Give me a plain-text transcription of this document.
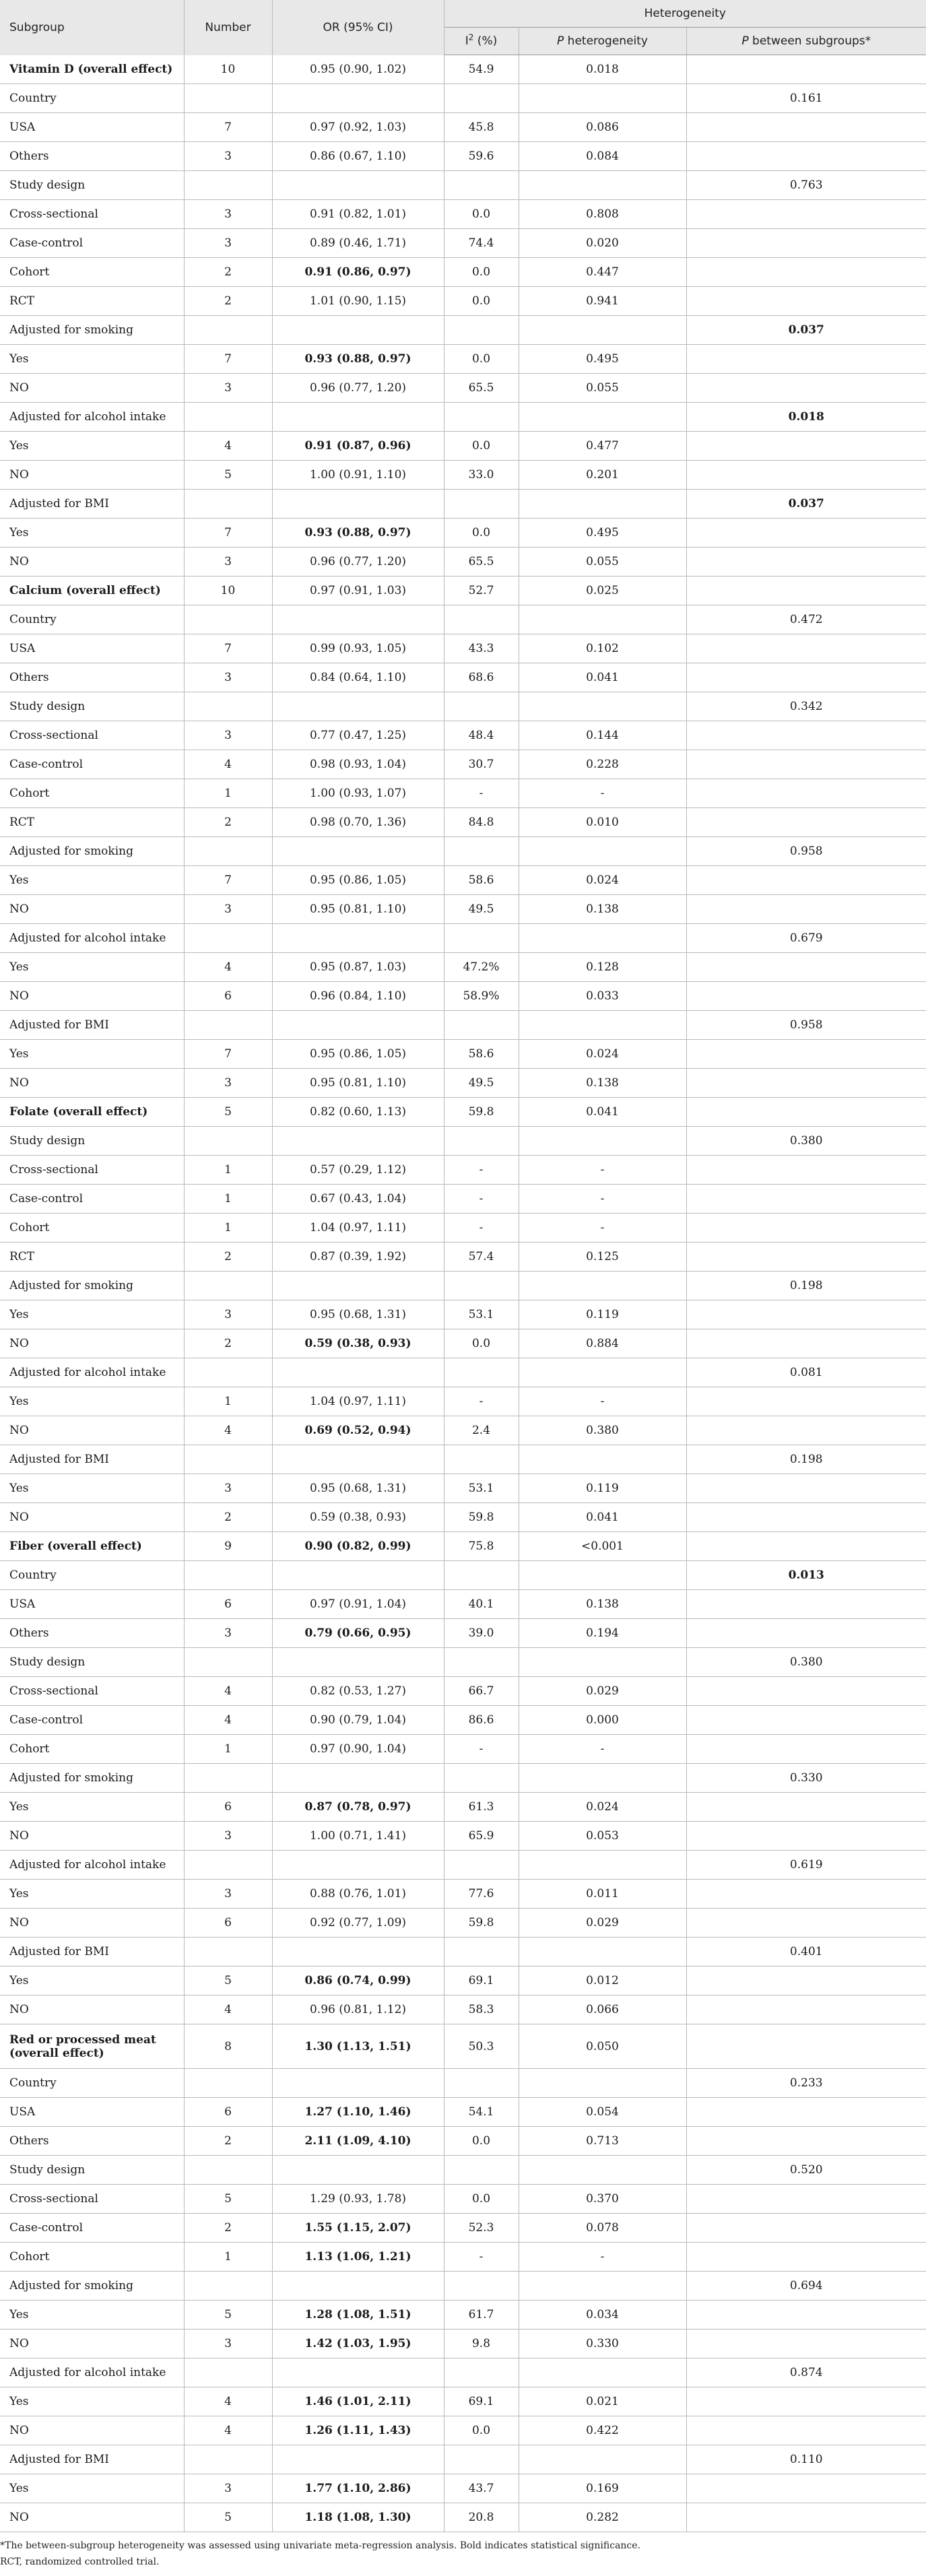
Subgroup	Number	OR (95% CI)	Heterogeneity		
			$I^2$ (%)	P heterogeneity	P between subgroups*
Vitamin D (overall effect)	10	0.95 (0.90, 1.02)	54.9	0.018	
Country					0.161
USA	7	0.97 (0.92, 1.03)	45.8	0.086	
Others	3	0.86 (0.67, 1.10)	59.6	0.084	
Study design					0.763
Cross-sectional	3	0.91 (0.82, 1.01)	0.0	0.808	
Case-control	3	0.89 (0.46, 1.71)	74.4	0.020	
Cohort	2	0.91 (0.86, 0.97)	0.0	0.447	
RCT	2	1.01 (0.90, 1.15)	0.0	0.941	
Adjusted for smoking					0.037
Yes	7	0.93 (0.88, 0.97)	0.0	0.495	
NO	3	0.96 (0.77, 1.20)	65.5	0.055	
Adjusted for alcohol intake					0.018
Yes	4	0.91 (0.87, 0.96)	0.0	0.477	
NO	5	1.00 (0.91, 1.10)	33.0	0.201	
Adjusted for BMI					0.037
Yes	7	0.93 (0.88, 0.97)	0.0	0.495	
NO	3	0.96 (0.77, 1.20)	65.5	0.055	
Calcium (overall effect)	10	0.97 (0.91, 1.03)	52.7	0.025	
Country					0.472
USA	7	0.99 (0.93, 1.05)	43.3	0.102	
Others	3	0.84 (0.64, 1.10)	68.6	0.041	
Study design					0.342
Cross-sectional	3	0.77 (0.47, 1.25)	48.4	0.144	
Case-control	4	0.98 (0.93, 1.04)	30.7	0.228	
Cohort	1	1.00 (0.93, 1.07)	-	-	
RCT	2	0.98 (0.70, 1.36)	84.8	0.010	
Adjusted for smoking					0.958
Yes	7	0.95 (0.86, 1.05)	58.6	0.024	
NO	3	0.95 (0.81, 1.10)	49.5	0.138	
Adjusted for alcohol intake					0.679
Yes	4	0.95 (0.87, 1.03)	47.2%	0.128	
NO	6	0.96 (0.84, 1.10)	58.9%	0.033	
Adjusted for BMI					0.958
Yes	7	0.95 (0.86, 1.05)	58.6	0.024	
NO	3	0.95 (0.81, 1.10)	49.5	0.138	
Folate (overall effect)	5	0.82 (0.60, 1.13)	59.8	0.041	
Study design					0.380
Cross-sectional	1	0.57 (0.29, 1.12)	-	-	
Case-control	1	0.67 (0.43, 1.04)	-	-	
Cohort	1	1.04 (0.97, 1.11)	-	-	
RCT	2	0.87 (0.39, 1.92)	57.4	0.125	
Adjusted for smoking					0.198
Yes	3	0.95 (0.68, 1.31)	53.1	0.119	
NO	2	0.59 (0.38, 0.93)	0.0	0.884	
Adjusted for alcohol intake					0.081
Yes	1	1.04 (0.97, 1.11)	-	-	
NO	4	0.69 (0.52, 0.94)	2.4	0.380	
Adjusted for BMI					0.198
Yes	3	0.95 (0.68, 1.31)	53.1	0.119	
NO	2	0.59 (0.38, 0.93)	59.8	0.041	
Fiber (overall effect)	9	0.90 (0.82, 0.99)	75.8	<0.001	
Country					0.013
USA	6	0.97 (0.91, 1.04)	40.1	0.138	
Others	3	0.79 (0.66, 0.95)	39.0	0.194	
Study design					0.380
Cross-sectional	4	0.82 (0.53, 1.27)	66.7	0.029	
Case-control	4	0.90 (0.79, 1.04)	86.6	0.000	
Cohort	1	0.97 (0.90, 1.04)	-	-	
Adjusted for smoking					0.330
Yes	6	0.87 (0.78, 0.97)	61.3	0.024	
NO	3	1.00 (0.71, 1.41)	65.9	0.053	
Adjusted for alcohol intake					0.619
Yes	3	0.88 (0.76, 1.01)	77.6	0.011	
NO	6	0.92 (0.77, 1.09)	59.8	0.029	
Adjusted for BMI					0.401
Yes	5	0.86 (0.74, 0.99)	69.1	0.012	
NO	4	0.96 (0.81, 1.12)	58.3	0.066	
Red or processed meat (overall effect)	8	1.30 (1.13, 1.51)	50.3	0.050	
Country					0.233
USA	6	1.27 (1.10, 1.46)	54.1	0.054	
Others	2	2.11 (1.09, 4.10)	0.0	0.713	
Study design					0.520
Cross-sectional	5	1.29 (0.93, 1.78)	0.0	0.370	
Case-control	2	1.55 (1.15, 2.07)	52.3	0.078	
Cohort	1	1.13 (1.06, 1.21)	-	-	
Adjusted for smoking					0.694
Yes	5	1.28 (1.08, 1.51)	61.7	0.034	
NO	3	1.42 (1.03, 1.95)	9.8	0.330	
Adjusted for alcohol intake					0.874
Yes	4	1.46 (1.01, 2.11)	69.1	0.021	
NO	4	1.26 (1.11, 1.43)	0.0	0.422	
Adjusted for BMI					0.110
Yes	3	1.77 (1.10, 2.86)	43.7	0.169	
NO	5	1.18 (1.08, 1.30)	20.8	0.282	
*The between-subgroup heterogeneity was assessed using univariate meta-regression analysis. Bold indicates statistical significance.
RCT, randomized controlled trial.
